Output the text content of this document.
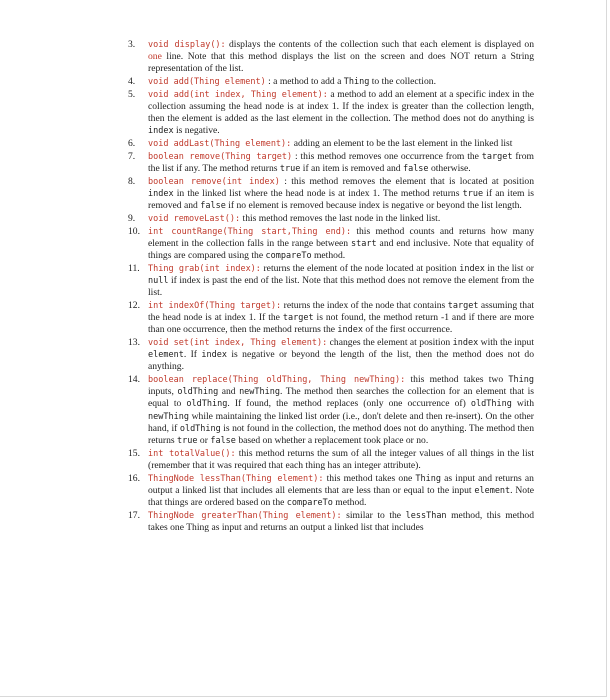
3.	void display(): displays the contents of the collection such that each element is displayed on one line. Note that this method displays the list on the screen and does NOT return a String representation of the list.
4.	void add(Thing element) : a method to add a Thing to the collection.
5.	void add(int index, Thing element): a method to add an element at a specific index in the collection assuming the head node is at index 1. If the index is greater than the collection length, then the element is added as the last element in the collection. The method does not do anything is index is negative.
6.	void addLast(Thing element): adding an element to be the last element in the linked list
7.	boolean remove(Thing target) : this method removes one occurrence from the target from the list if any. The method returns true if an item is removed and false otherwise.
8.	boolean remove(int index) : this method removes the element that is located at position index in the linked list where the head node is at index 1. The method returns true if an item is removed and false if no element is removed because index is negative or beyond the list length.
9.	void removeLast(): this method removes the last node in the linked list.
10. int countRange(Thing start,Thing end): this method counts and returns how many element in the collection falls in the range between start and end inclusive. Note that equality of things are compared using the compareTo method.
11. Thing grab(int index): returns the element of the node located at position index in the list or null if index is past the end of the list. Note that this method does not remove the element from the list.
12. int indexOf(Thing target): returns the index of the node that contains target assuming that the head node is at index 1. If the target is not found, the method return -1 and if there are more than one occurrence, then the method returns the index of the first occurrence.
13. void set(int index, Thing element): changes the element at position index with the input element. If index is negative or beyond the length of the list, then the method does not do anything.
14. boolean replace(Thing oldThing, Thing newThing): this method takes two Thing inputs, oldThing and newThing. The method then searches the collection for an element that is equal to oldThing. If found, the method replaces (only one occurrence of) oldThing with newThing while maintaining the linked list order (i.e., don't delete and then re-insert). On the other hand, if oldThing is not found in the collection, the method does not do anything. The method then returns true or false based on whether a replacement took place or no.
15. int totalValue(): this method returns the sum of all the integer values of all things in the list (remember that it was required that each thing has an integer attribute).
16. ThingNode lessThan(Thing element): this method takes one Thing as input and returns an output a linked list that includes all elements that are less than or equal to the input element. Note that things are ordered based on the compareTo method.
17. ThingNode greaterThan(Thing element): similar to the lessThan method, this method takes one Thing as input and returns an output a linked list that includes
